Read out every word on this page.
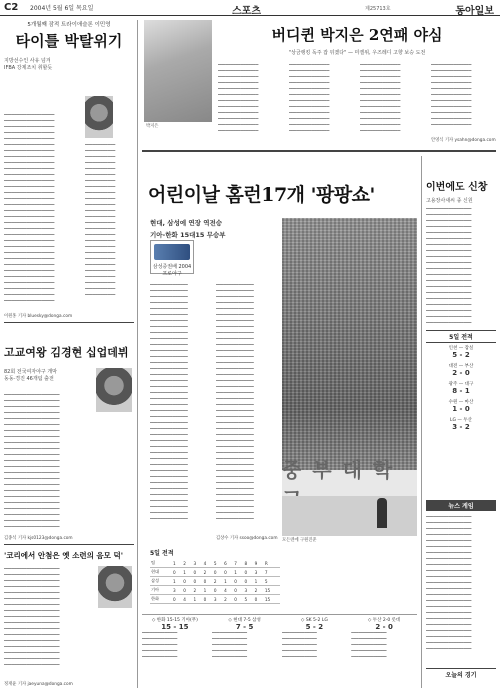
C2	2004년 5월 6일 목요일	스포츠	제25713호	동아일보
5개월째 잠적 트라이애슬론 이민영
타이틀 박탈위기
지방선수인 사유 넘겨
IFBA 강제조치 취할듯
━━━━━━━━━━━━━━━━━━━━
━━━━━━━━━━━━━━━━━━━━
━━━━━━━━━━━━━━━━━━━━
━━━━━━━━━━━━━━━━━━━━
━━━━━━━━━━━━━━━━━━━━
━━━━━━━━━━━━━━━━━━━━
━━━━━━━━━━━━━━━━━━━━
━━━━━━━━━━━━━━━━━━━━
━━━━━━━━━━━━━━━━━━━━
━━━━━━━━━━━━━━━━━━━━
━━━━━━━━━━━━━━━━━━━━
━━━━━━━━━━━━━━━━━━━━
━━━━━━━━━━━━━━━━━━━━
━━━━━━━━━━━━━━━━━━━━
━━━━━━━━━━━━━━━━━━━━
━━━━━━━━━━━━━━━━━━━━
━━━━━━━━━━━━━━━━━━━━
━━━━━━━━━━━━━━━━━━━━
━━━━━━━━━━━━━━━━━━━━
━━━━━━━━━━━━━━━━━━━━
━━━━━━━━━━━━━━━━━━━━
━━━━━━━━━━━━━━━━━━━━
━━━━━━━━━━━━━━━━━━━━
━━━━━━━━━━━━━━━━━━━━
━━━━━━━━━━━━━━━━━━━━
━━━━━━━━━━━━━━━━━━━━
━━━━━━━━━━━━━━━━━━━━
━━━━━━━━━━━━━━━━━━━━
━━━━━━━━━━━━━━━━━━━━
━━━━━━━━━━━━━━━━━━━━
━━━━━━━━━━━━━━━━━━━━
━━━━━━━━━━━━━━━━━━━━
━━━━━━━━━━━━
━━━━━━━━━━━━
━━━━━━━━━━━━
━━━━━━━━━━━━
━━━━━━━━━━━━
━━━━━━━━━━━━
━━━━━━━━━━━━
━━━━━━━━━━━━
━━━━━━━━━━━━
━━━━━━━━━━━━
━━━━━━━━━━━━
━━━━━━━━━━━━
━━━━━━━━━━━━
━━━━━━━━━━━━
━━━━━━━━━━━━
━━━━━━━━━━━━
━━━━━━━━━━━━
━━━━━━━━━━━━
━━━━━━━━━━━━
━━━━━━━━━━━━
━━━━━━━━━━━━
━━━━━━━━━━━━
━━━━━━━━━━━━
━━━━━━━━━━━━
━━━━━━━━━━━━
━━━━━━━━━━━━
이원홍 기자 bluesky@donga.com
고교여왕 김경현 십업데뷔
82회 전국여자야구 개막
동동·경진 46개팀 출전
━━━━━━━━━━━━━━━━━━━━━━
━━━━━━━━━━━━━━━━━━━━━━
━━━━━━━━━━━━━━━━━━━━━━
━━━━━━━━━━━━━━━━━━━━━━
━━━━━━━━━━━━━━━━━━━━━━
━━━━━━━━━━━━━━━━━━━━━━
━━━━━━━━━━━━━━━━━━━━━━
━━━━━━━━━━━━━━━━━━━━━━
━━━━━━━━━━━━━━━━━━━━━━
━━━━━━━━━━━━━━━━━━━━━━
━━━━━━━━━━━━━━━━━━━━━━
━━━━━━━━━━━━━━━━━━━━━━
━━━━━━━━━━━━━━━━━━━━━━
━━━━━━━━━━━━━━━━━━━━━━
━━━━━━━━━━━━━━━━━━━━━━
━━━━━━━━━━━━━━━━━━━━━━
━━━━━━━━━━━━━━━━━━━━━━
━━━━━━━━━━━━━━━━━━━━━━
━━━━━━━━━━━━━━━━━━━━━━
━━━━━━━━━━━━━━━━━━━━━━
━━━━━━━━━━━━━━━━━━━━━━
━━━━━━━━━━━━━━━━━━━━━━
━━━━━━━━━━━━━━━━━━━━━━
김종석 기자 kjs0123@donga.com
'코리에서 안첨은 옛 소련의 음모 덕'
━━━━━━━━━━━━━━━━━━━━━━
━━━━━━━━━━━━━━━━━━━━━━
━━━━━━━━━━━━━━━━━━━━━━
━━━━━━━━━━━━━━━━━━━━━━
━━━━━━━━━━━━━━━━━━━━━━
━━━━━━━━━━━━━━━━━━━━━━
━━━━━━━━━━━━━━━━━━━━━━
━━━━━━━━━━━━━━━━━━━━━━
━━━━━━━━━━━━━━━━━━━━━━
━━━━━━━━━━━━━━━━━━━━━━
━━━━━━━━━━━━━━━━━━━━━━
━━━━━━━━━━━━━━━━━━━━━━
━━━━━━━━━━━━━━━━━━━━━━
━━━━━━━━━━━━━━━━━━━━━━
━━━━━━━━━━━━━━━━━━━━━━
━━━━━━━━━━━━━━━━━━━━━━
━━━━━━━━━━━━━━━━━━━━━━
정재윤 기자 jaeyuna@donga.com
박지은
버디퀸 박지은 2연패 야심
"상금랭킹 독주 잡 뒤겠다" — 미켈위, 우즈레디 고향 보승 도전
━━━━━━━━━━━━━━━━
━━━━━━━━━━━━━━━━
━━━━━━━━━━━━━━━━
━━━━━━━━━━━━━━━━
━━━━━━━━━━━━━━━━
━━━━━━━━━━━━━━━━
━━━━━━━━━━━━━━━━
━━━━━━━━━━━━━━━━
━━━━━━━━━━━━━━━━
━━━━━━━━━━━━━━━━
━━━━━━━━━━━━━━━━
━━━━━━━━━━━━━━━━
━━━━━━━━━━━━━━━━
━━━━━━━━━━━━━━━━
━━━━━━━━━━━━━━━━
━━━━━━━━━━━━━━━━
━━━━━━━━━━━━━━━━
━━━━━━━━━━━━━━━━
━━━━━━━━━━━━━━━━
━━━━━━━━━━━━━━━━
━━━━━━━━━━━━━━━━
━━━━━━━━━━━━━━━━
━━━━━━━━━━━━━━━━
━━━━━━━━━━━━━━━━
━━━━━━━━━━━━━━━━
━━━━━━━━━━━━━━━━
━━━━━━━━━━━━━━━━
━━━━━━━━━━━━━━━━
━━━━━━━━━━━━━━━━
━━━━━━━━━━━━━━━━
━━━━━━━━━━━━━━━━
━━━━━━━━━━━━━━━━
━━━━━━━━━━━━━━━━
━━━━━━━━━━━━━━━━
━━━━━━━━━━━━━━━━
━━━━━━━━━━━━━━━━
━━━━━━━━━━━━━━━━
━━━━━━━━━━━━━━━━
━━━━━━━━━━━━━━━━
━━━━━━━━━━━━━━━━
━━━━━━━━━━━━━━━━
━━━━━━━━━━━━━━━━
━━━━━━━━━━━━━━━━
━━━━━━━━━━━━━━━━
━━━━━━━━━━━━━━━━
━━━━━━━━━━━━━━━━
━━━━━━━━━━━━━━━━
안영식 기자 ysahn@donga.com
어린이날 홈런17개 '팡팡쇼'
현대, 삼성에 연장 역전승
기아-한화 15대15 무승부
삼성증권배 2004 프로야구
━━━━━━━━━━━━━━━
━━━━━━━━━━━━━━━
━━━━━━━━━━━━━━━
━━━━━━━━━━━━━━━
━━━━━━━━━━━━━━━
━━━━━━━━━━━━━━━
━━━━━━━━━━━━━━━
━━━━━━━━━━━━━━━
━━━━━━━━━━━━━━━
━━━━━━━━━━━━━━━
━━━━━━━━━━━━━━━
━━━━━━━━━━━━━━━
━━━━━━━━━━━━━━━
━━━━━━━━━━━━━━━
━━━━━━━━━━━━━━━
━━━━━━━━━━━━━━━
━━━━━━━━━━━━━━━
━━━━━━━━━━━━━━━
━━━━━━━━━━━━━━━
━━━━━━━━━━━━━━━
━━━━━━━━━━━━━━━
━━━━━━━━━━━━━━━
━━━━━━━━━━━━━━━
━━━━━━━━━━━━━━━
━━━━━━━━━━━━━━━
━━━━━━━━━━━━━━━
━━━━━━━━━━━━━━━
━━━━━━━━━━━━━━━
━━━━━━━━━━━━━━━
━━━━━━━━━━━━━━━
━━━━━━━━━━━━━━━
━━━━━━━━━━━━━━━
━━━━━━━━━━━━━━━
━━━━━━━━━━━━━━━
━━━━━━━━━━━━━━━
━━━━━━━━━━━━━━━
━━━━━━━━━━━━━━━
━━━━━━━━━━━━━━━
━━━━━━━━━━━━━━━
━━━━━━━━━━━━━━━
━━━━━━━━━━━━━━━
━━━━━━━━━━━━━━━
━━━━━━━━━━━━━━━
━━━━━━━━━━━━━━━
━━━━━━━━━━━━━━━
━━━━━━━━━━━━━━━
━━━━━━━━━━━━━━━
━━━━━━━━━━━━━━━
━━━━━━━━━━━━━━━
━━━━━━━━━━━━━━━
━━━━━━━━━━━━━━━
━━━━━━━━━━━━━━━
━━━━━━━━━━━━━━━
━━━━━━━━━━━━━━━
━━━━━━━━━━━━━━━
━━━━━━━━━━━━━━━
━━━━━━━━━━━━━━━
━━━━━━━━━━━━━━━
━━━━━━━━━━━━━━━
━━━━━━━━━━━━━━━
━━━━━━━━━━━━━━━
━━━━━━━━━━━━━━━
━━━━━━━━━━━━━━━
━━━━━━━━━━━━━━━
━━━━━━━━━━━━━━━
━━━━━━━━━━━━━━━
━━━━━━━━━━━━━━━
━━━━━━━━━━━━━━━
━━━━━━━━━━━━━━━
━━━━━━━━━━━━━━━
━━━━━━━━━━━━━━━
━━━━━━━━━━━━━━━
━━━━━━━━━━━━━━━
━━━━━━━━━━━━━━━
━━━━━━━━━━━━━━━
━━━━━━━━━━━━━━━
━━━━━━━━━━━━━━━
━━━━━━━━━━━━━━━
━━━━━━━━━━━━━━━
━━━━━━━━━━━━━━━
중 부 대 학
모든덴에 구원진준
김상수 기자 ssoo@donga.com
5일 전적
팀	1	2	3	4	5	6	7	8	9	R
현대	0	1	0	2	0	0	1	0	3	7
삼성	1	0	0	0	2	1	0	0	1	5
기아	3	0	2	1	0	4	0	3	2	15
한화	0	4	1	0	3	2	0	5	0	15
◇ 한화 15-15 기아(무)
15 - 15
━━━━━━━━━━━━━━
━━━━━━━━━━━━━━
━━━━━━━━━━━━━━
━━━━━━━━━━━━━━
━━━━━━━━━━━━━━
◇ 현대 7-5 삼성
7 - 5
━━━━━━━━━━━━━━
━━━━━━━━━━━━━━
━━━━━━━━━━━━━━
━━━━━━━━━━━━━━
━━━━━━━━━━━━━━
◇ SK 5-2 LG
5 - 2
━━━━━━━━━━━━━━
━━━━━━━━━━━━━━
━━━━━━━━━━━━━━
━━━━━━━━━━━━━━
━━━━━━━━━━━━━━
◇ 두산 2-0 롯데
2 - 0
━━━━━━━━━━━━━━
━━━━━━━━━━━━━━
━━━━━━━━━━━━━━
━━━━━━━━━━━━━━
━━━━━━━━━━━━━━
이번에도 신창
고용장사새씨 종 신원
━━━━━━━━━━━━━━━━━━
━━━━━━━━━━━━━━━━━━
━━━━━━━━━━━━━━━━━━
━━━━━━━━━━━━━━━━━━
━━━━━━━━━━━━━━━━━━
━━━━━━━━━━━━━━━━━━
━━━━━━━━━━━━━━━━━━
━━━━━━━━━━━━━━━━━━
━━━━━━━━━━━━━━━━━━
━━━━━━━━━━━━━━━━━━
━━━━━━━━━━━━━━━━━━
━━━━━━━━━━━━━━━━━━
━━━━━━━━━━━━━━━━━━
━━━━━━━━━━━━━━━━━━
━━━━━━━━━━━━━━━━━━
━━━━━━━━━━━━━━━━━━
━━━━━━━━━━━━━━━━━━
━━━━━━━━━━━━━━━━━━
━━━━━━━━━━━━━━━━━━
━━━━━━━━━━━━━━━━━━
5일 전적
인천 — 잠실
5 - 2
대전 — 부산
2 - 0
광주 — 대구
8 - 1
수원 — 마산
1 - 0
LG — 두산
3 - 2
뉴스 게임
━━━━━━━━━━━━━━━━━━
━━━━━━━━━━━━━━━━━━
━━━━━━━━━━━━━━━━━━
━━━━━━━━━━━━━━━━━━
━━━━━━━━━━━━━━━━━━
━━━━━━━━━━━━━━━━━━
━━━━━━━━━━━━━━━━━━
━━━━━━━━━━━━━━━━━━
━━━━━━━━━━━━━━━━━━
━━━━━━━━━━━━━━━━━━
━━━━━━━━━━━━━━━━━━
━━━━━━━━━━━━━━━━━━
━━━━━━━━━━━━━━━━━━
━━━━━━━━━━━━━━━━━━
━━━━━━━━━━━━━━━━━━
━━━━━━━━━━━━━━━━━━
━━━━━━━━━━━━━━━━━━
━━━━━━━━━━━━━━━━━━
━━━━━━━━━━━━━━━━━━
━━━━━━━━━━━━━━━━━━
━━━━━━━━━━━━━━━━━━
━━━━━━━━━━━━━━━━━━
━━━━━━━━━━━━━━━━━━
오늘의 경기
